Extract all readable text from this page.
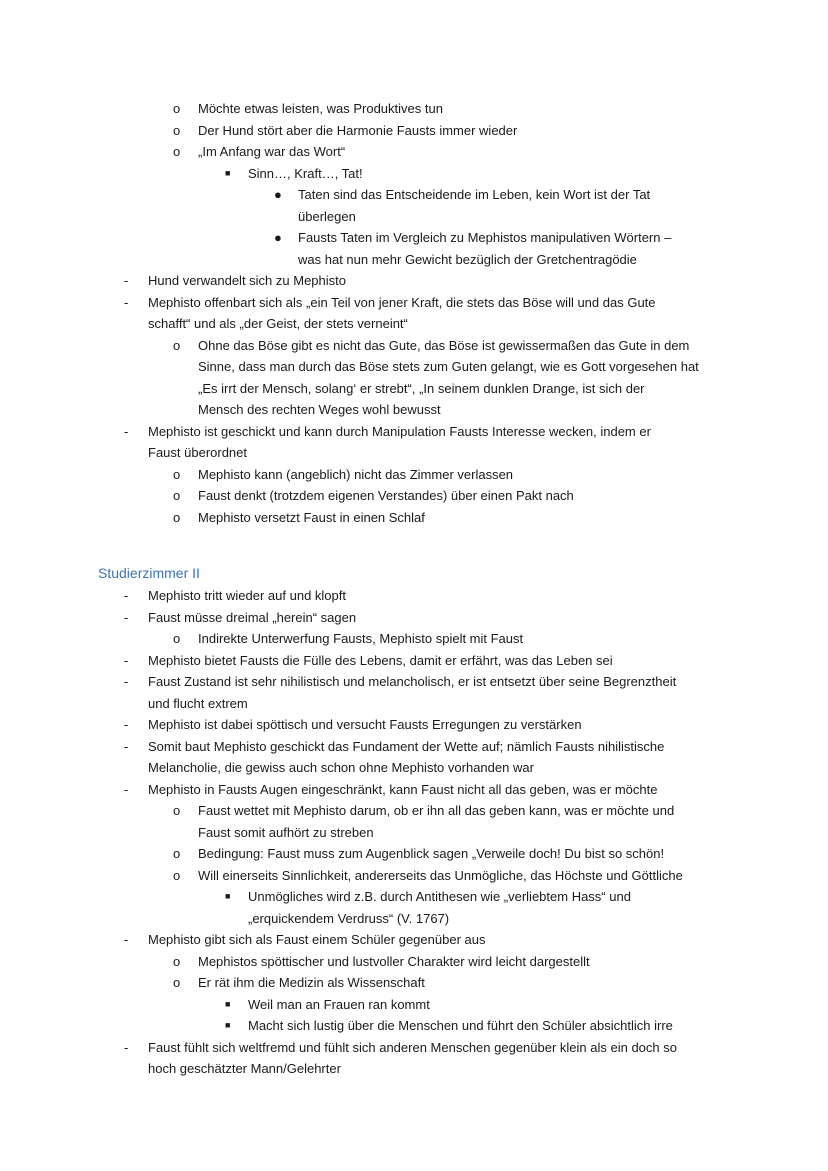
o Möchte etwas leisten, was Produktives tun
o Der Hund stört aber die Harmonie Fausts immer wieder
o „Im Anfang war das Wort“
■ Sinn…, Kraft…, Tat!
● Taten sind das Entscheidende im Leben, kein Wort ist der Tat
überlegen
● Fausts Taten im Vergleich zu Mephistos manipulativen Wörtern –
was hat nun mehr Gewicht bezüglich der Gretchentragödie
- Hund verwandelt sich zu Mephisto
- Mephisto offenbart sich als „ein Teil von jener Kraft, die stets das Böse will und das Gute
schafft“ und als „der Geist, der stets verneint“
o Ohne das Böse gibt es nicht das Gute, das Böse ist gewissermaßen das Gute in dem
Sinne, dass man durch das Böse stets zum Guten gelangt, wie es Gott vorgesehen hat
„Es irrt der Mensch, solang‘ er strebt“, „In seinem dunklen Drange, ist sich der
Mensch des rechten Weges wohl bewusst
- Mephisto ist geschickt und kann durch Manipulation Fausts Interesse wecken, indem er
Faust überordnet
o Mephisto kann (angeblich) nicht das Zimmer verlassen
o Faust denkt (trotzdem eigenen Verstandes) über einen Pakt nach
o Mephisto versetzt Faust in einen Schlaf
Studierzimmer II
- Mephisto tritt wieder auf und klopft
- Faust müsse dreimal „herein“ sagen
o Indirekte Unterwerfung Fausts, Mephisto spielt mit Faust
- Mephisto bietet Fausts die Fülle des Lebens, damit er erfährt, was das Leben sei
- Faust Zustand ist sehr nihilistisch und melancholisch, er ist entsetzt über seine Begrenztheit
und flucht extrem
- Mephisto ist dabei spöttisch und versucht Fausts Erregungen zu verstärken
- Somit baut Mephisto geschickt das Fundament der Wette auf; nämlich Fausts nihilistische
Melancholie, die gewiss auch schon ohne Mephisto vorhanden war
- Mephisto in Fausts Augen eingeschränkt, kann Faust nicht all das geben, was er möchte
o Faust wettet mit Mephisto darum, ob er ihn all das geben kann, was er möchte und
Faust somit aufhört zu streben
o Bedingung: Faust muss zum Augenblick sagen „Verweile doch! Du bist so schön!
o Will einerseits Sinnlichkeit, andererseits das Unmögliche, das Höchste und Göttliche
■ Unmögliches wird z.B. durch Antithesen wie „verliebtem Hass“ und
„erquickendem Verdruss“ (V. 1767)
- Mephisto gibt sich als Faust einem Schüler gegenüber aus
o Mephistos spöttischer und lustvoller Charakter wird leicht dargestellt
o Er rät ihm die Medizin als Wissenschaft
■ Weil man an Frauen ran kommt
■ Macht sich lustig über die Menschen und führt den Schüler absichtlich irre
- Faust fühlt sich weltfremd und fühlt sich anderen Menschen gegenüber klein als ein doch so
hoch geschätzter Mann/Gelehrter
